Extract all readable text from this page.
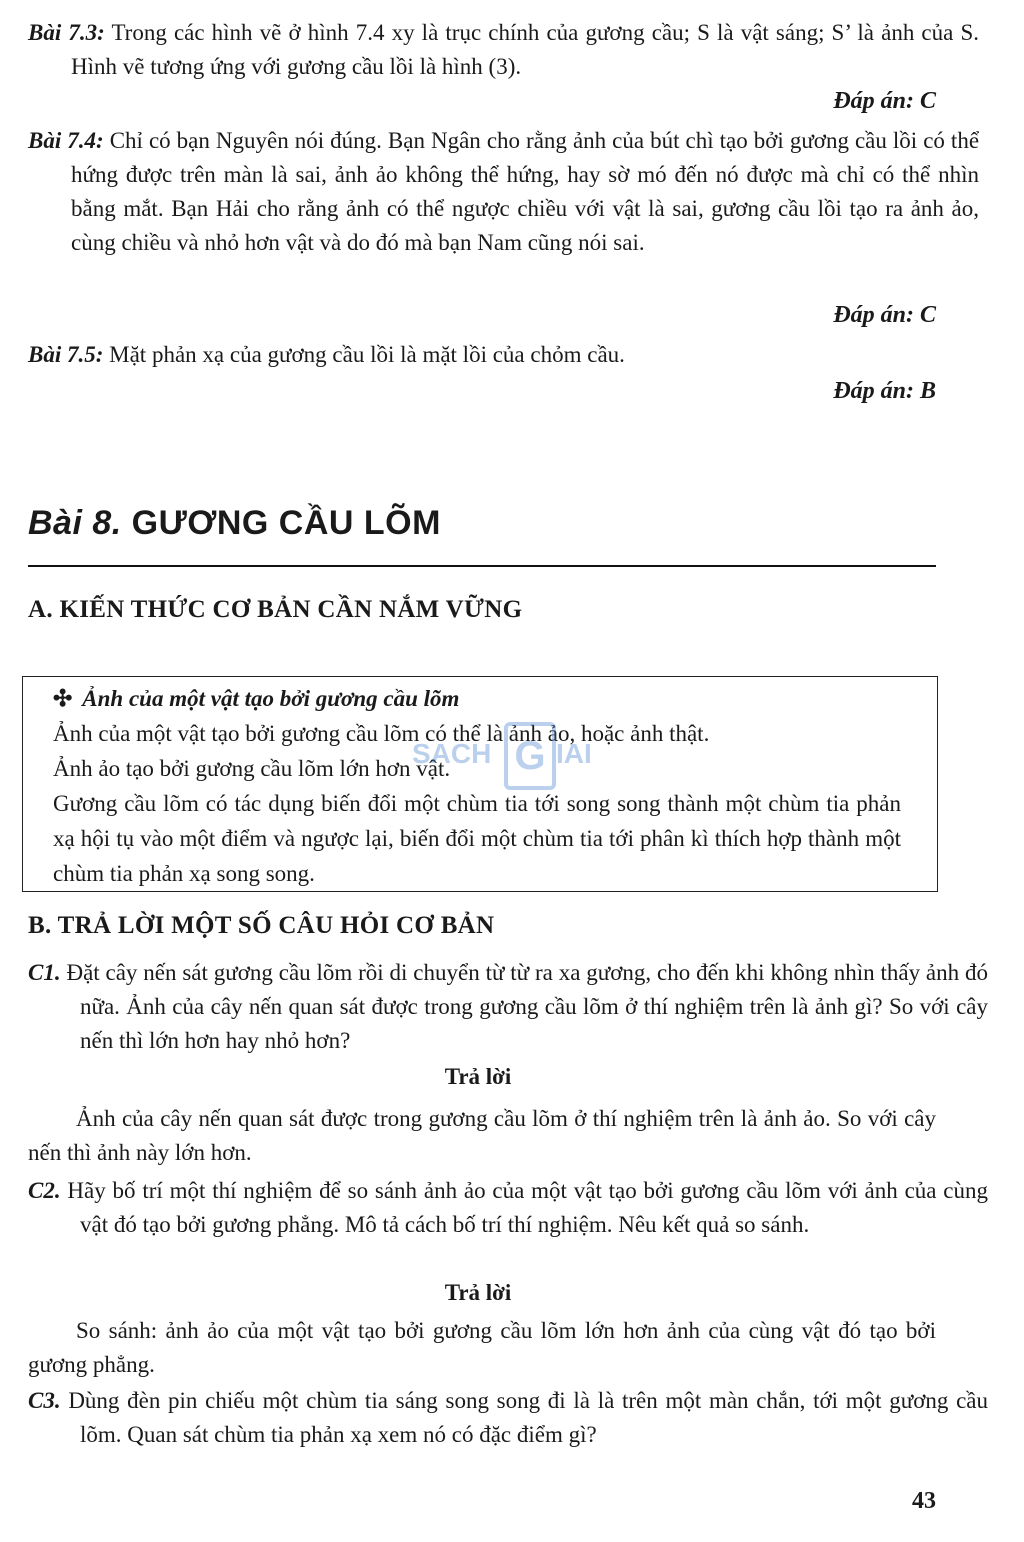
Bài 7.3: Trong các hình vẽ ở hình 7.4 xy là trục chính của gương cầu; S là vật sáng; S’ là ảnh của S. Hình vẽ tương ứng với gương cầu lồi là hình (3).
Đáp án: C
Bài 7.4: Chỉ có bạn Nguyên nói đúng. Bạn Ngân cho rằng ảnh của bút chì tạo bởi gương cầu lồi có thể hứng được trên màn là sai, ảnh ảo không thể hứng, hay sờ mó đến nó được mà chỉ có thể nhìn bằng mắt. Bạn Hải cho rằng ảnh có thể ngược chiều với vật là sai, gương cầu lồi tạo ra ảnh ảo, cùng chiều và nhỏ hơn vật và do đó mà bạn Nam cũng nói sai.
Đáp án: C
Bài 7.5: Mặt phản xạ của gương cầu lồi là mặt lồi của chỏm cầu.
Đáp án: B
Bài 8. GƯƠNG CẦU LÕM
A. KIẾN THỨC CƠ BẢN CẦN NẮM VỮNG
✣ Ảnh của một vật tạo bởi gương cầu lõm
Ảnh của một vật tạo bởi gương cầu lõm có thể là ảnh ảo, hoặc ảnh thật.
Ảnh ảo tạo bởi gương cầu lõm lớn hơn vật.
Gương cầu lõm có tác dụng biến đổi một chùm tia tới song song thành một chùm tia phản xạ hội tụ vào một điểm và ngược lại, biến đổi một chùm tia tới phân kì thích hợp thành một chùm tia phản xạ song song.
SACH G IAI
B. TRẢ LỜI MỘT SỐ CÂU HỎI CƠ BẢN
C1. Đặt cây nến sát gương cầu lõm rồi di chuyển từ từ ra xa gương, cho đến khi không nhìn thấy ảnh đó nữa. Ảnh của cây nến quan sát được trong gương cầu lõm ở thí nghiệm trên là ảnh gì? So với cây nến thì lớn hơn hay nhỏ hơn?
Trả lời
Ảnh của cây nến quan sát được trong gương cầu lõm ở thí nghiệm trên là ảnh ảo. So với cây nến thì ảnh này lớn hơn.
C2. Hãy bố trí một thí nghiệm để so sánh ảnh ảo của một vật tạo bởi gương cầu lõm với ảnh của cùng vật đó tạo bởi gương phẳng. Mô tả cách bố trí thí nghiệm. Nêu kết quả so sánh.
Trả lời
So sánh: ảnh ảo của một vật tạo bởi gương cầu lõm lớn hơn ảnh của cùng vật đó tạo bởi gương phẳng.
C3. Dùng đèn pin chiếu một chùm tia sáng song song đi là là trên một màn chắn, tới một gương cầu lõm. Quan sát chùm tia phản xạ xem nó có đặc điểm gì?
43
